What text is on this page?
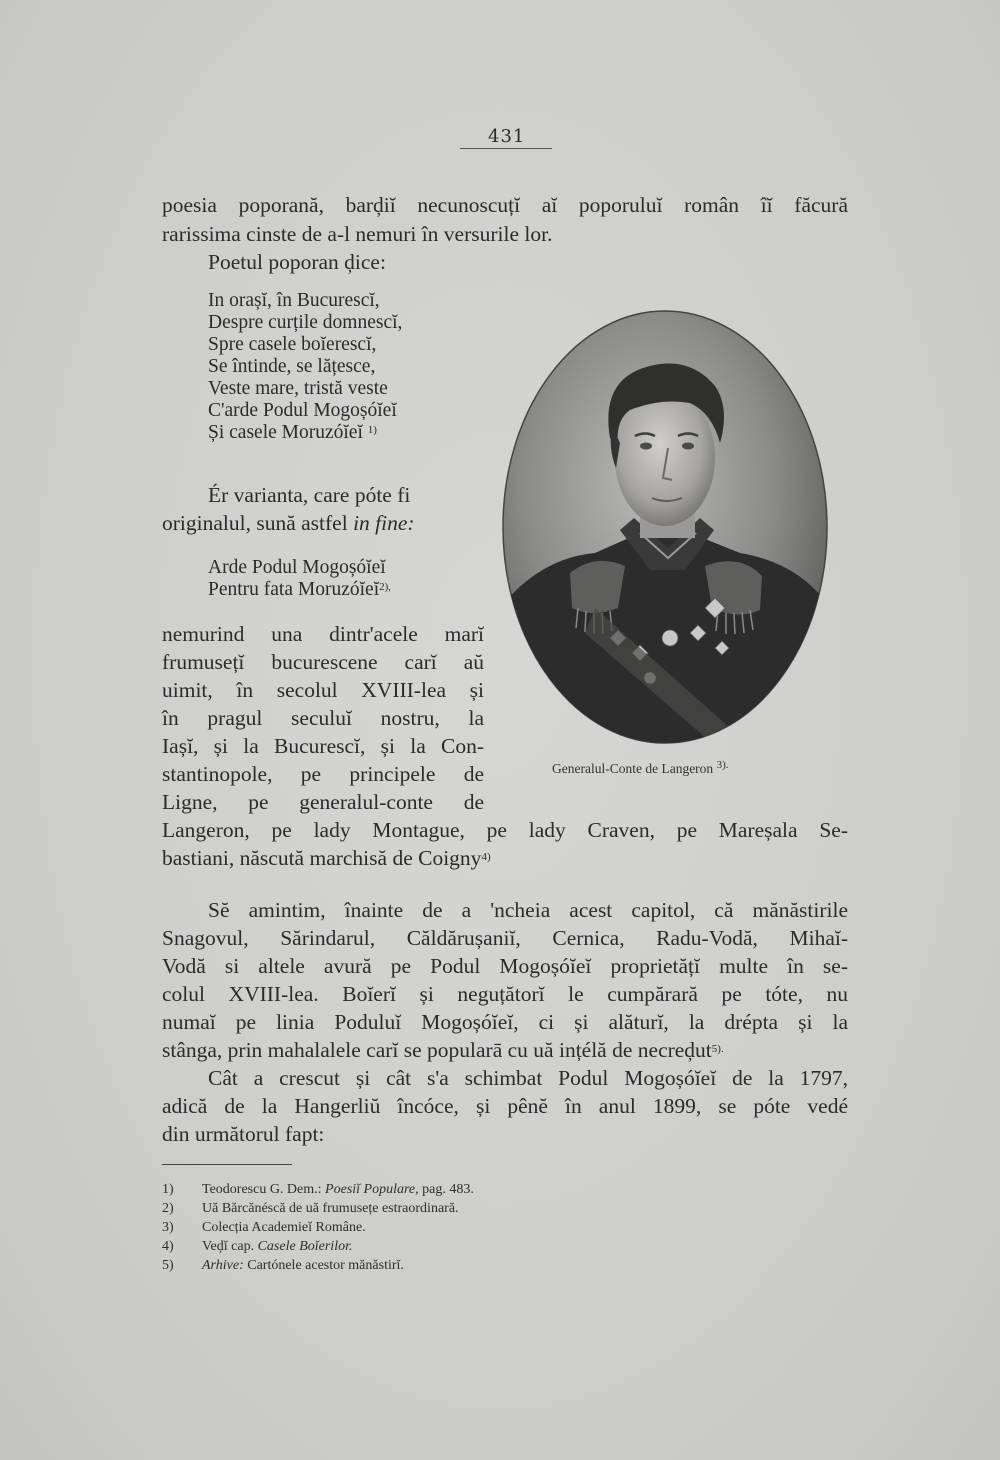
431
poesia poporană, barḑiĭ necunoscuțĭ aĭ poporuluĭ român îĭ făcură
rarissima cinste de a-l nemuri în versurile lor.
Poetul poporan ḑice:
In orașĭ, în Bucurescĭ,
Despre curțile domnescĭ,
Spre casele boĭerescĭ,
Se întinde, se lățesce,
Veste mare, tristă veste
C'arde Podul Mogoșóĭeĭ
Și casele Moruzóĭeĭ $^{1)}$
Ér varianta, care póte fi
originalul, sună astfel in fine:
Arde Podul Mogoșóĭeĭ
Pentru fata Moruzóĭeĭ$^{2),}$
nemurind una dintr'acele marĭ
frumusețĭ bucurescene carĭ aŭ
uimit, în secolul XVIII-lea și
în pragul seculuĭ nostru, la
Iașĭ, și la Bucurescĭ, și la Con-
stantinopole, pe principele de
Ligne, pe generalul-conte de
Langeron, pe lady Montague, pe lady Craven, pe Mareșala Se-
bastiani, născută marchisă de Coigny$^{4)}$
Generalul-Conte de Langeron $^{3).}$
Sĕ amintim, înainte de a 'ncheia acest capitol, că mănăstirile
Snagovul, Sărindarul, Căldărușaniĭ, Cernica, Radu-Vodă, Mihaĭ-
Vodă si altele avură pe Podul Mogoșóĭeĭ proprietățĭ multe în se-
colul XVIII-lea. Boĭerĭ și neguțătorĭ le cumpărară pe tóte, nu
numaĭ pe linia Poduluĭ Mogoșóĭeĭ, ci și alăturĭ, la drépta și la
stânga, prin mahalalele carĭ se popularā cu uă ințélă de necreḑut$^{5).}$
Cât a crescut și cât s'a schimbat Podul Mogoșóĭeĭ de la 1797,
adică de la Hangerliŭ încóce, și pênĕ în anul 1899, se póte vedé
din următorul fapt:
1) Teodorescu G. Dem.: Poesiĭ Populare, pag. 483.
2) Uă Bărcănéscă de uă frumusețe estraordinară.
3) Colecția Academieĭ Române.
4) Veḑĭ cap. Casele Boĭerilor.
5) Arhive: Cartónele acestor mănăstirĭ.
